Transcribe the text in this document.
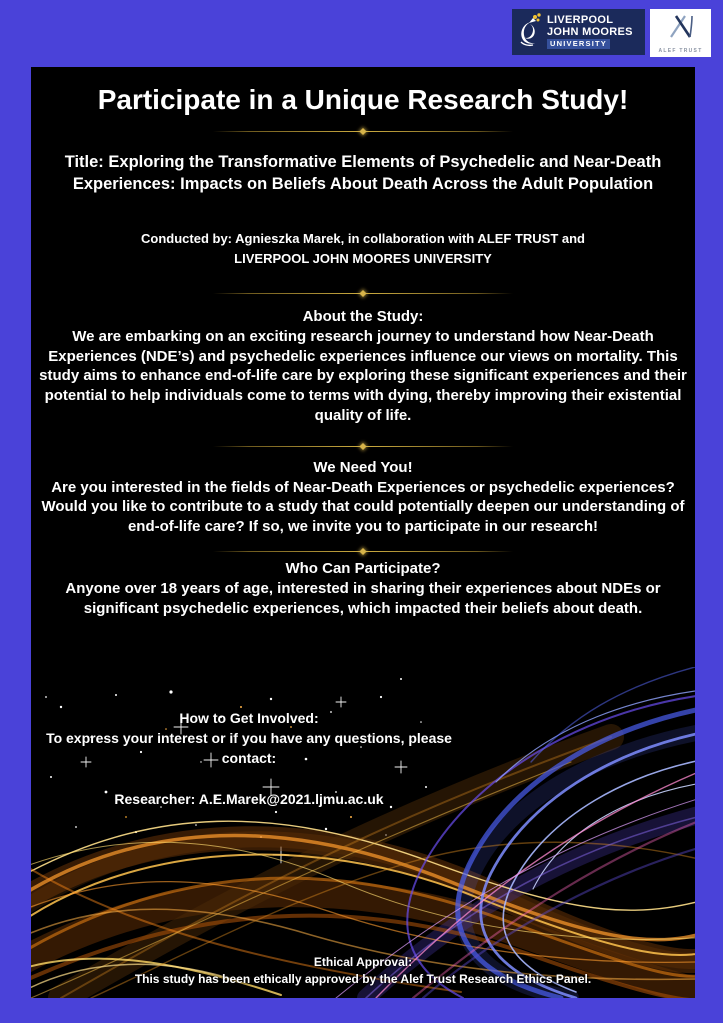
LIVERPOOL
JOHN MOORES
UNIVERSITY
ALEF TRUST
Participate in a Unique Research Study!

Title: Exploring the Transformative Elements of Psychedelic and Near-Death Experiences: Impacts on Beliefs About Death Across the Adult Population

Conducted by: Agnieszka Marek, in collaboration with ALEF TRUST and
LIVERPOOL JOHN MOORES UNIVERSITY

About the Study:

We are embarking on an exciting research journey to understand how Near-Death Experiences (NDE’s) and psychedelic experiences influence our views on mortality. This study aims to enhance end-of-life care by exploring these significant experiences and their potential to help individuals come to terms with dying, thereby improving their existential quality of life.

We Need You!

Are you interested in the fields of Near-Death Experiences or psychedelic experiences? Would you like to contribute to a study that could potentially deepen our understanding of end-of-life care? If so, we invite you to participate in our research!

Who Can Participate?

Anyone over 18 years of age, interested in sharing their experiences about NDEs or significant psychedelic experiences, which impacted their beliefs about death.

How to Get Involved:
To express your interest or if you have any questions, please contact:
Researcher: A.E.Marek@2021.ljmu.ac.uk
Ethical Approval:
This study has been ethically approved by the Alef Trust Research Ethics Panel.
